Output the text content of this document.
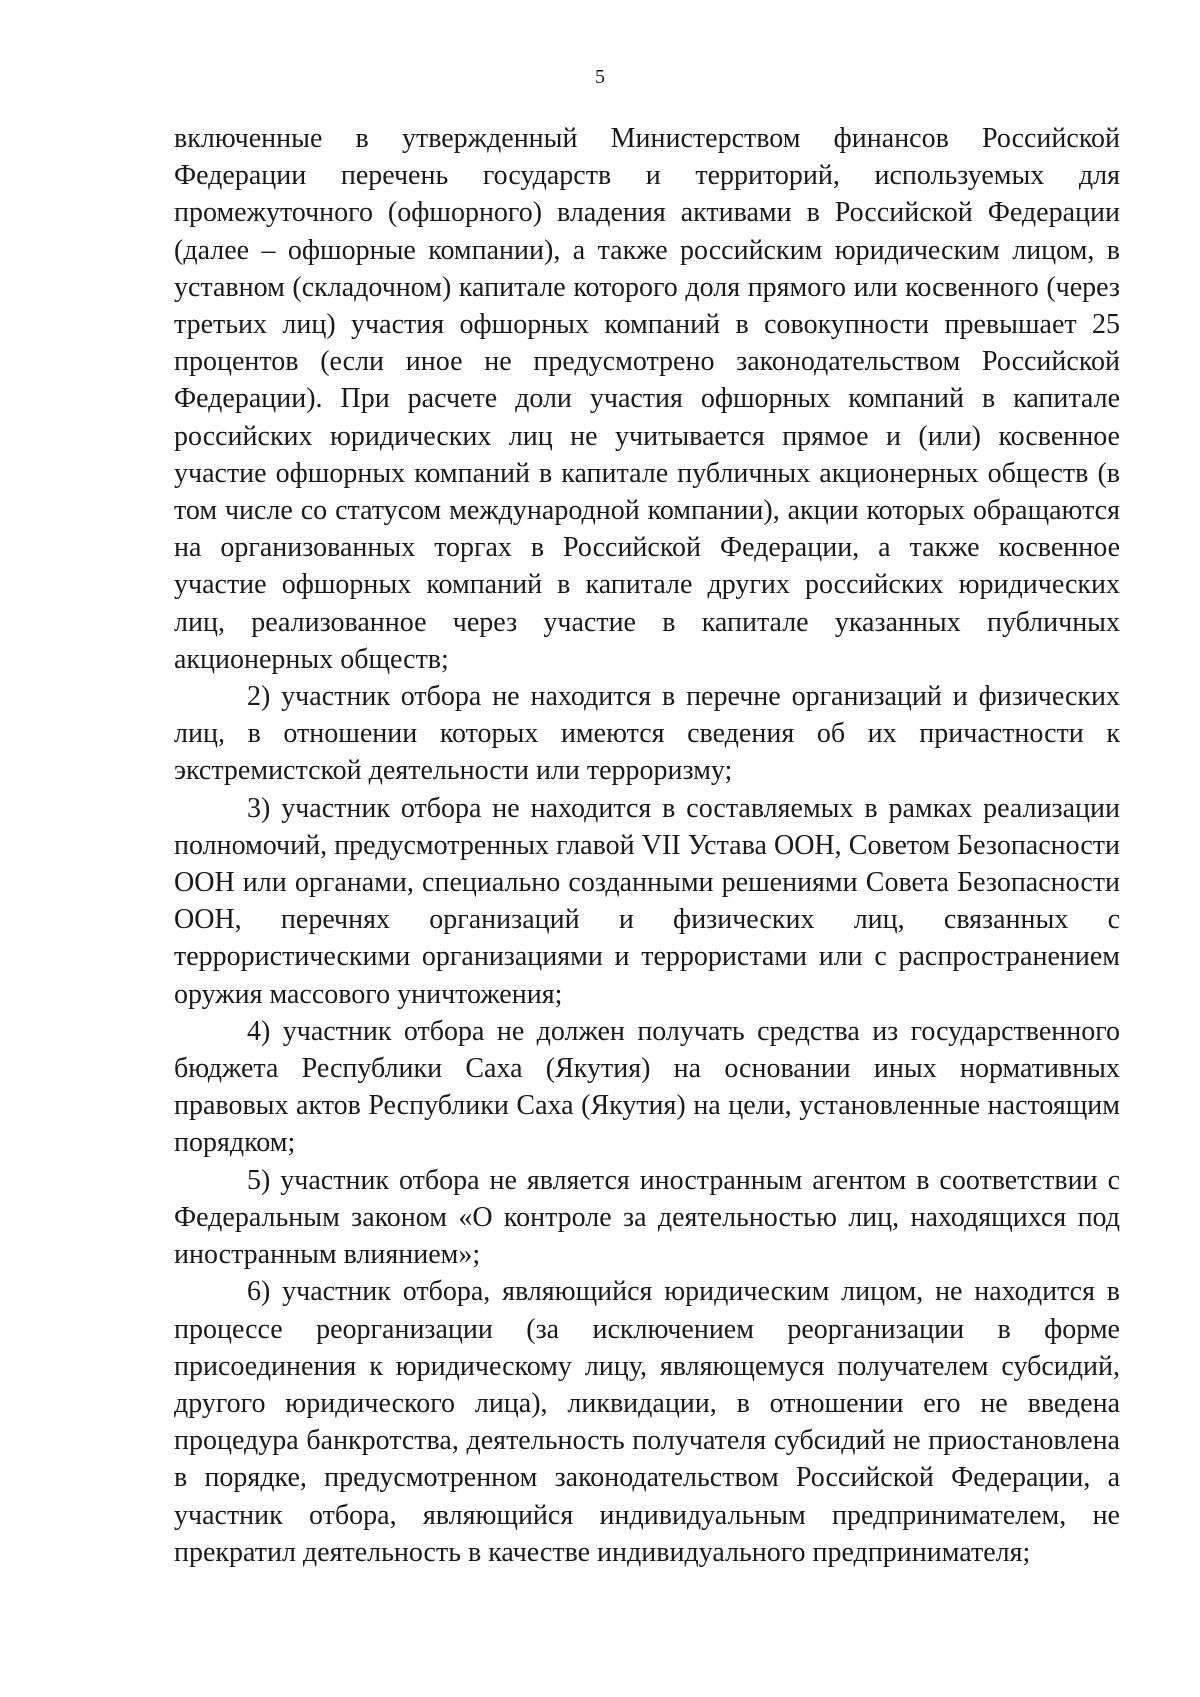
5

включенные в утвержденный Министерством финансов Российской Федерации перечень государств и территорий, используемых для промежуточного (офшорного) владения активами в Российской Федерации (далее – офшорные компании), а также российским юридическим лицом, в уставном (складочном) капитале которого доля прямого или косвенного (через третьих лиц) участия офшорных компаний в совокупности превышает 25 процентов (если иное не предусмотрено законодательством Российской Федерации). При расчете доли участия офшорных компаний в капитале российских юридических лиц не учитывается прямое и (или) косвенное участие офшорных компаний в капитале публичных акционерных обществ (в том числе со статусом международной компании), акции которых обращаются на организованных торгах в Российской Федерации, а также косвенное участие офшорных компаний в капитале других российских юридических лиц, реализованное через участие в капитале указанных публичных акционерных обществ;

2) участник отбора не находится в перечне организаций и физических лиц, в отношении которых имеются сведения об их причастности к экстремистской деятельности или терроризму;

3) участник отбора не находится в составляемых в рамках реализации полномочий, предусмотренных главой VII Устава ООН, Советом Безопасности ООН или органами, специально созданными решениями Совета Безопасности ООН, перечнях организаций и физических лиц, связанных с террористическими организациями и террористами или с распространением оружия массового уничтожения;

4) участник отбора не должен получать средства из государственного бюджета Республики Саха (Якутия) на основании иных нормативных правовых актов Республики Саха (Якутия) на цели, установленные настоящим порядком;

5) участник отбора не является иностранным агентом в соответствии с Федеральным законом «О контроле за деятельностью лиц, находящихся под иностранным влиянием»;

6) участник отбора, являющийся юридическим лицом, не находится в процессе реорганизации (за исключением реорганизации в форме присоединения к юридическому лицу, являющемуся получателем субсидий, другого юридического лица), ликвидации, в отношении его не введена процедура банкротства, деятельность получателя субсидий не приостановлена в порядке, предусмотренном законодательством Российской Федерации, а участник отбора, являющийся индивидуальным предпринимателем, не прекратил деятельность в качестве индивидуального предпринимателя;
